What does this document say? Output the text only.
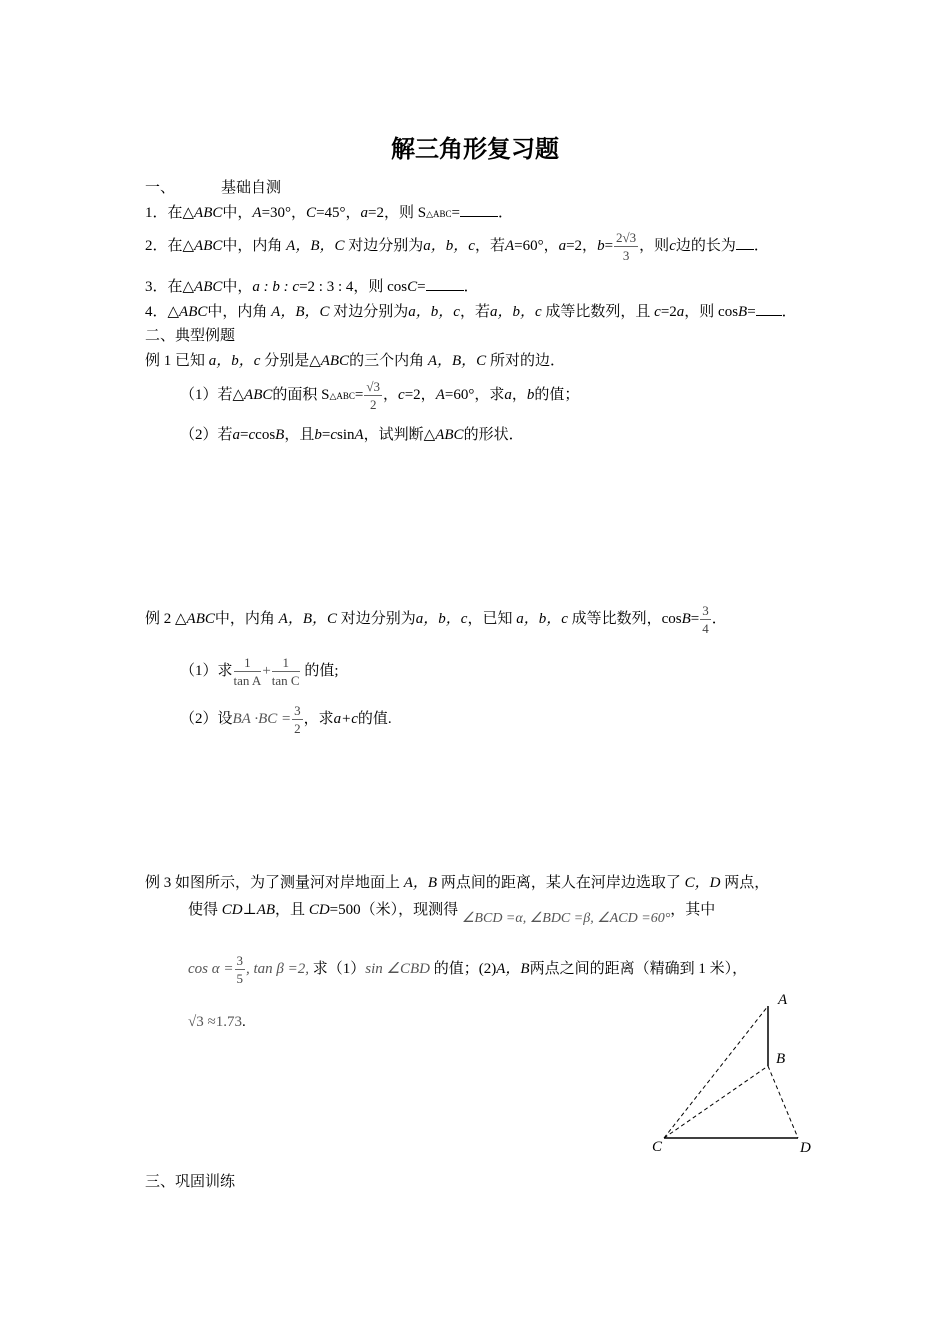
解三角形复习题
一、	基础自测
1．在△ABC中，A=30°，C=45°，a=2，则 S△ABC=	．
2．在△ABC中，内角 A，B，C 对边分别为a，b，c，若A=60°，a=2，$b= \frac{2√3}{3}$ ，则c边的长为 ．
3．在△ABC中，a : b : c=2 : 3 : 4，则 cosC=	．
4．△ABC中，内角 A，B，C 对边分别为a，b，c，若a，b，c 成等比数列，且 c=2a，则 cosB= ．
二、典型例题
例 1 已知 a，b，c 分别是△ABC的三个内角 A，B，C 所对的边．
（1）若△ABC的面积 S△ABC= $\frac{√3}{2}$ ，c=2，A=60°，求a，b的值；
（2）若a=ccosB，且b=csinA，试判断△ABC的形状．
例 2 △ABC中，内角 A，B，C 对边分别为a，b，c，已知 a，b，c 成等比数列，$\cos B= \frac{3}{4}$ ．
（1）求 $\frac{1}{\text{tan A}} + \frac{1}{\text{tan C}}$ 的值;
（2）设BA $\cdot BC = \frac{3}{2}$ ，求a+c的值.
例 3 如图所示，为了测量河对岸地面上 A，B 两点间的距离，某人在河岸边选取了 C，D 两点，
使得 CD⊥AB，且 CD=500（米），现测得 ∠BCD =α, ∠BDC =β, ∠ACD =60°，其中
$\cos \alpha = \frac{3}{5}$ , tan β =2, 求（1）sin ∠CBD 的值；(2)A，B两点之间的距离（精确到 1 米），
√3 ≈1.73.
A
B
C	D
三、巩固训练
